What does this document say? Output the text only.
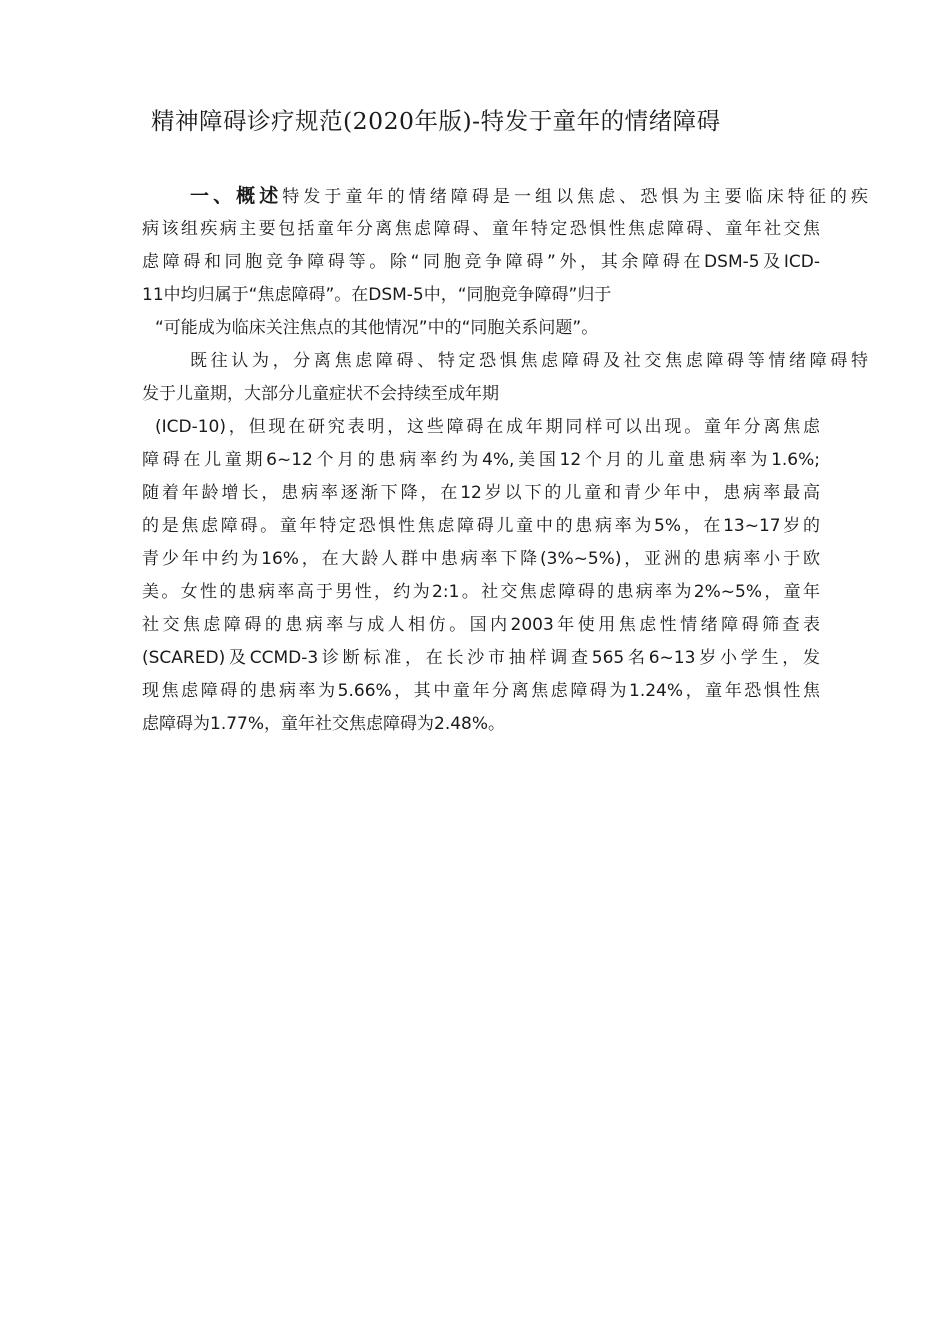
精神障碍诊疗规范(2020年版)-特发于童年的情绪障碍
一、概述特发于童年的情绪障碍是一组以焦虑、恐惧为主要临床特征的疾
病该组疾病主要包括童年分离焦虑障碍、童年特定恐惧性焦虑障碍、童年社交焦
虑障碍和同胞竞争障碍等。除“同胞竞争障碍”外，其余障碍在DSM-5及ICD-
11中均归属于“焦虑障碍”。在DSM-5中，“同胞竞争障碍”归于
“可能成为临床关注焦点的其他情况”中的“同胞关系问题”。
既往认为，分离焦虑障碍、特定恐惧焦虑障碍及社交焦虑障碍等情绪障碍特
发于儿童期，大部分儿童症状不会持续至成年期
(ICD-10)，但现在研究表明，这些障碍在成年期同样可以出现。童年分离焦虑
障碍在儿童期6~12个月的患病率约为4%,美国12个月的儿童患病率为1.6%;
随着年龄增长，患病率逐渐下降，在12岁以下的儿童和青少年中，患病率最高
的是焦虑障碍。童年特定恐惧性焦虑障碍儿童中的患病率为5%，在13~17岁的
青少年中约为16%，在大龄人群中患病率下降(3%~5%)，亚洲的患病率小于欧
美。女性的患病率高于男性，约为2:1。社交焦虑障碍的患病率为2%~5%，童年
社交焦虑障碍的患病率与成人相仿。国内2003年使用焦虑性情绪障碍筛查表
(SCARED)及CCMD-3诊断标准，在长沙市抽样调查565名6~13岁小学生，发
现焦虑障碍的患病率为5.66%，其中童年分离焦虑障碍为1.24%，童年恐惧性焦
虑障碍为1.77%，童年社交焦虑障碍为2.48%。
